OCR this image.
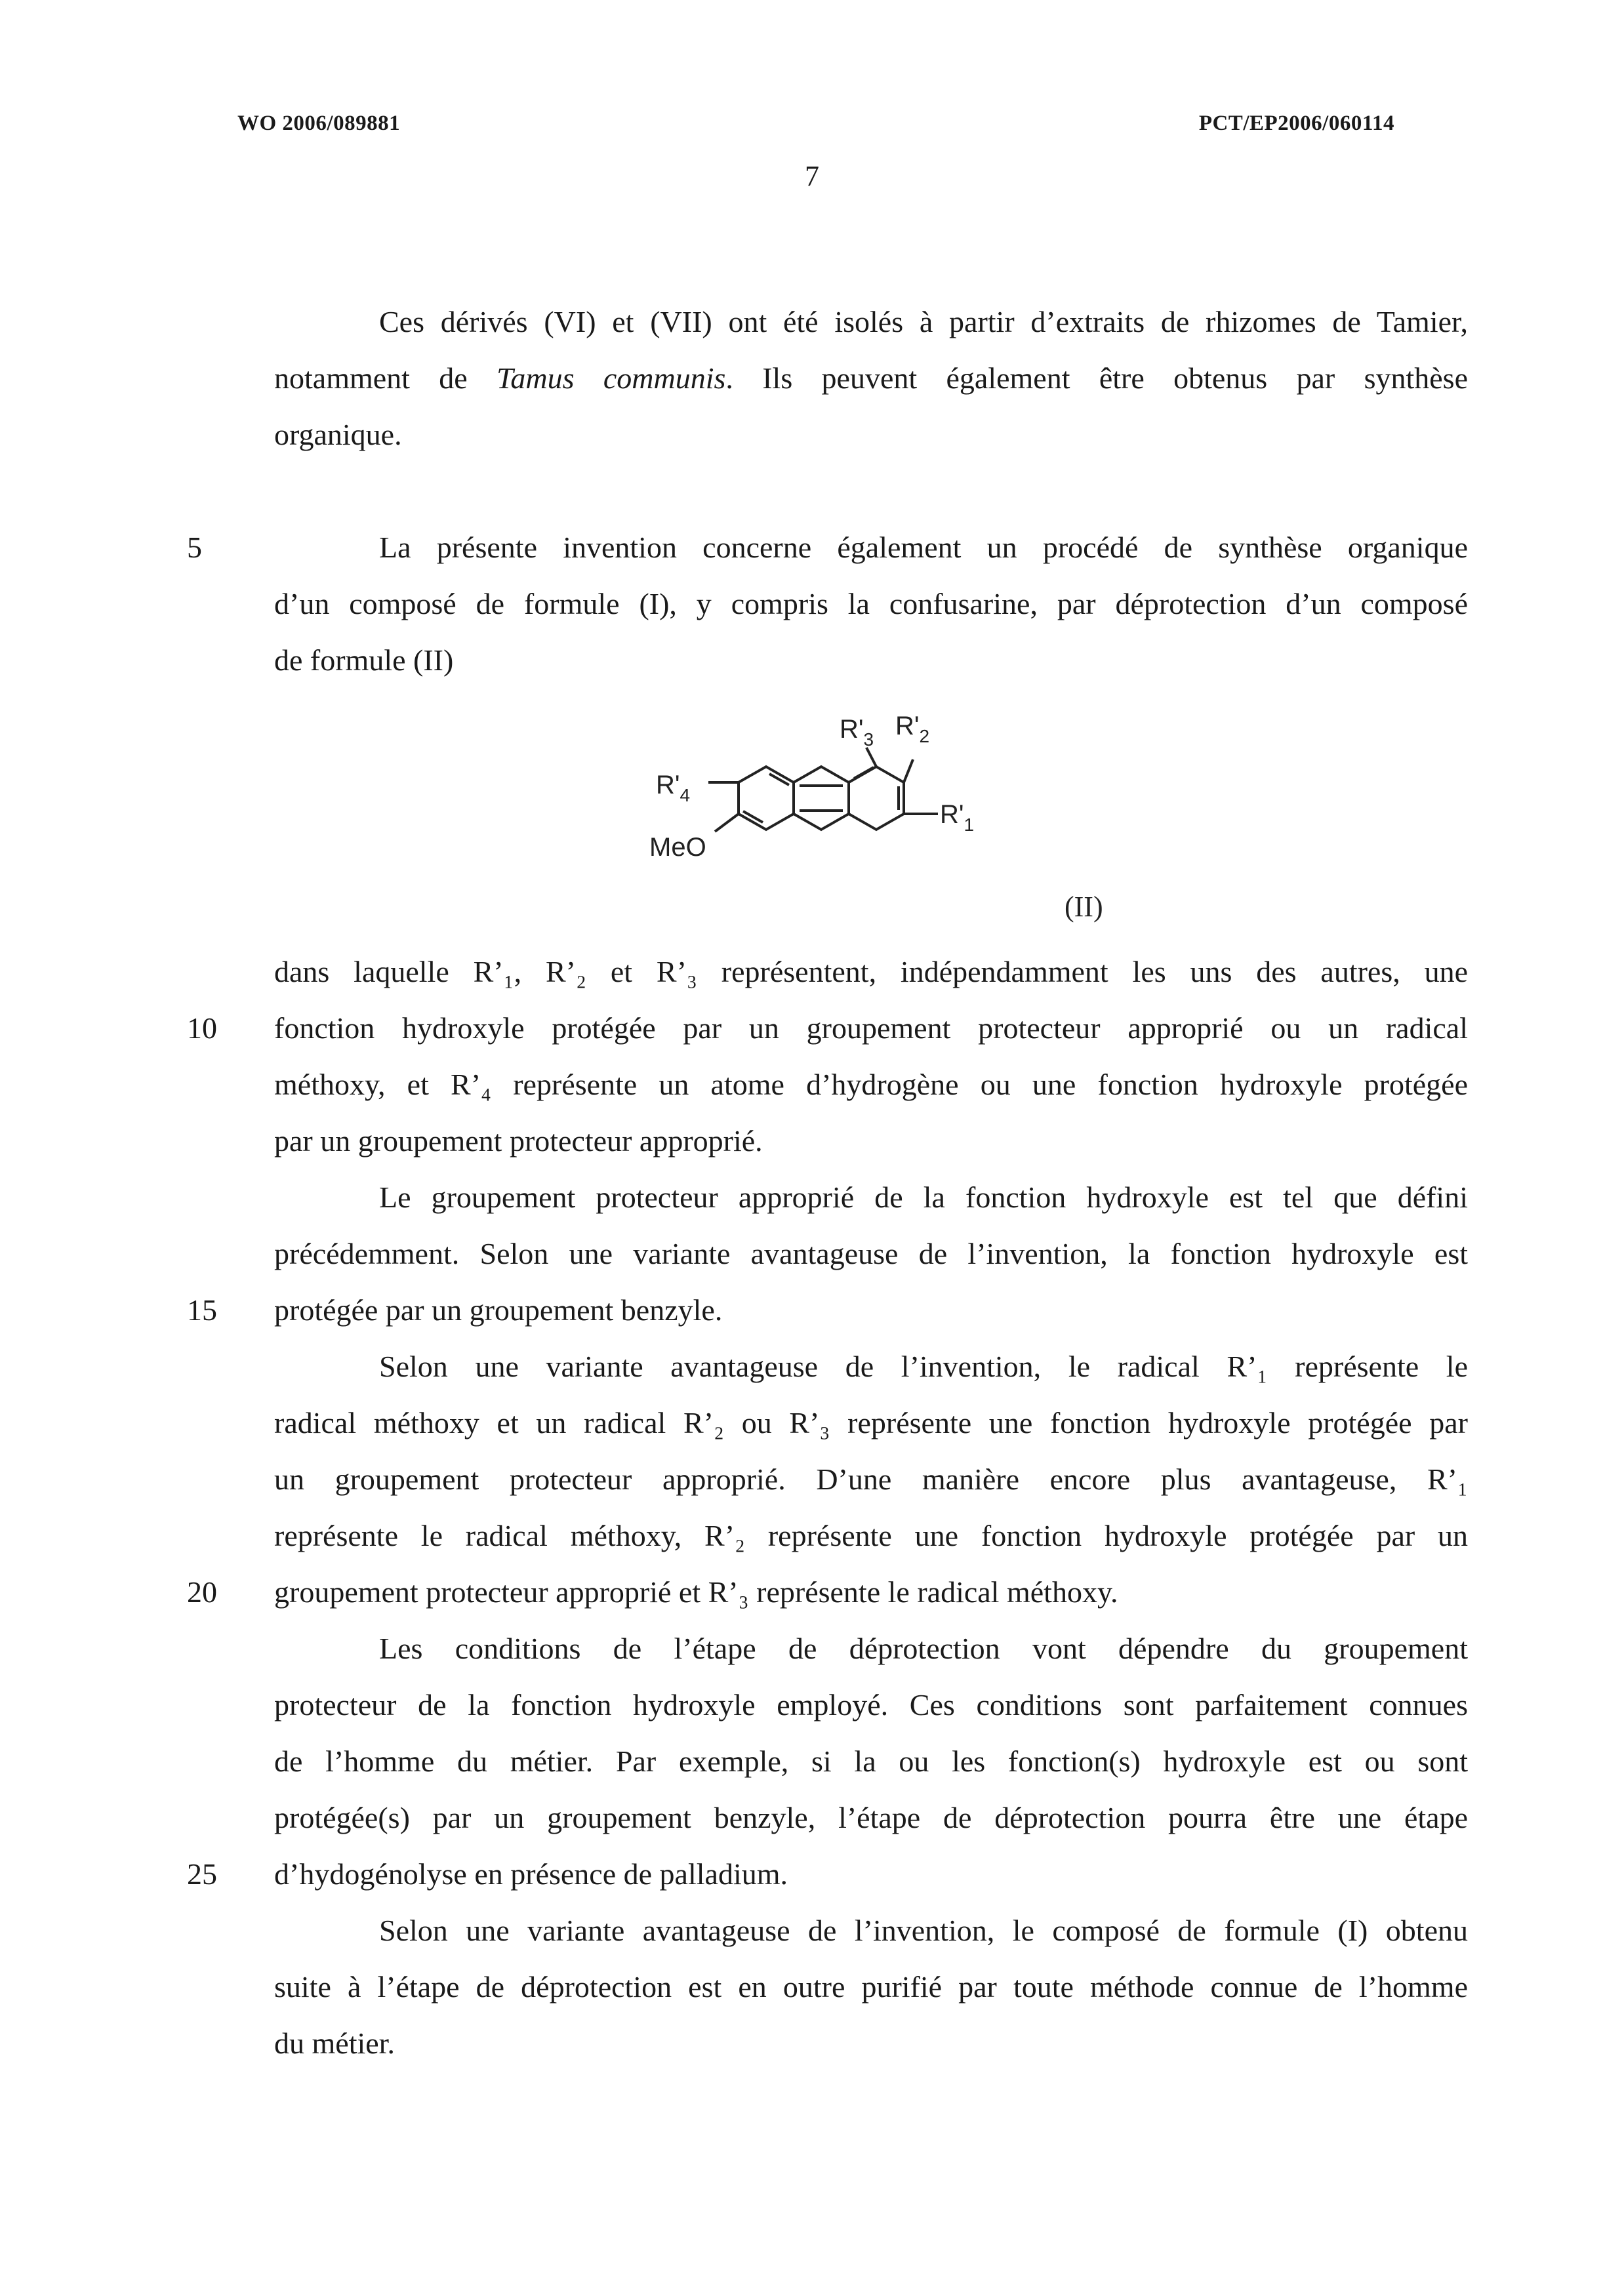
WO 2006/089881	PCT/EP2006/060114
7
Ces dérivés (VI) et (VII) ont été isolés à partir d’extraits de rhizomes de Tamier,
notamment de Tamus communis. Ils peuvent également être obtenus par synthèse
organique.
5	La présente invention concerne également un procédé de synthèse organique
d’un composé de formule (I), y compris la confusarine, par déprotection d’un composé
de formule (II)
$R'_4$
MeO
$R'_3$ $R'_2$
$R'_1$
(II)
10
dans laquelle R’₁, R’₂ et R’₃ représentent, indépendamment les uns des autres, une
fonction hydroxyle protégée par un groupement protecteur approprié ou un radical
méthoxy, et R’₄ représente un atome d’hydrogène ou une fonction hydroxyle protégée
par un groupement protecteur approprié.
15
Le groupement protecteur approprié de la fonction hydroxyle est tel que défini
précédemment. Selon une variante avantageuse de l’invention, la fonction hydroxyle est
protégée par un groupement benzyle.
20
Selon une variante avantageuse de l’invention, le radical R’₁ représente le
radical méthoxy et un radical R’₂ ou R’₃ représente une fonction hydroxyle protégée par
un groupement protecteur approprié. D’une manière encore plus avantageuse, R’₁
représente le radical méthoxy, R’₂ représente une fonction hydroxyle protégée par un
groupement protecteur approprié et R’₃ représente le radical méthoxy.
25
Les conditions de l’étape de déprotection vont dépendre du groupement
protecteur de la fonction hydroxyle employé. Ces conditions sont parfaitement connues
de l’homme du métier. Par exemple, si la ou les fonction(s) hydroxyle est ou sont
protégée(s) par un groupement benzyle, l’étape de déprotection pourra être une étape
d’hydogénolyse en présence de palladium.
Selon une variante avantageuse de l’invention, le composé de formule (I) obtenu
suite à l’étape de déprotection est en outre purifié par toute méthode connue de l’homme
du métier.
